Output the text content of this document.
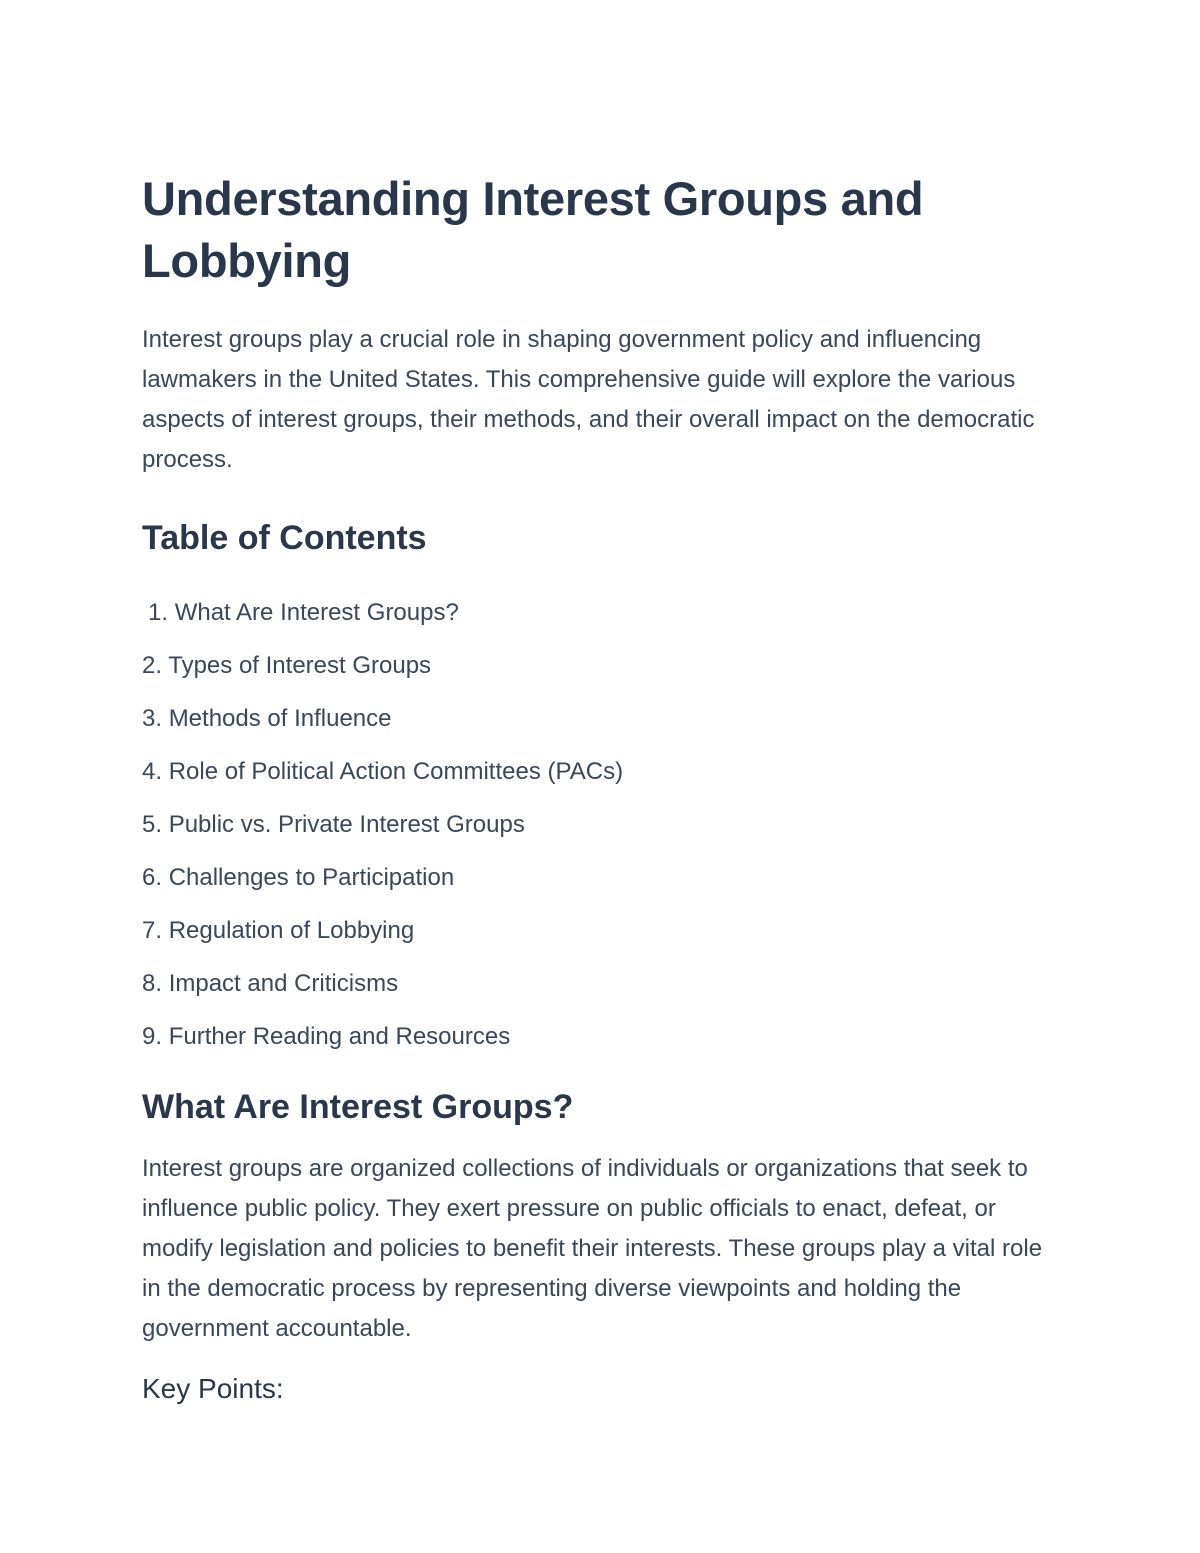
Understanding Interest Groups and Lobbying

Interest groups play a crucial role in shaping government policy and influencing lawmakers in the United States. This comprehensive guide will explore the various aspects of interest groups, their methods, and their overall impact on the democratic process.

Table of Contents
1. What Are Interest Groups?
2. Types of Interest Groups
3. Methods of Influence
4. Role of Political Action Committees (PACs)
5. Public vs. Private Interest Groups
6. Challenges to Participation
7. Regulation of Lobbying
8. Impact and Criticisms
9. Further Reading and Resources
What Are Interest Groups?

Interest groups are organized collections of individuals or organizations that seek to influence public policy. They exert pressure on public officials to enact, defeat, or modify legislation and policies to benefit their interests. These groups play a vital role in the democratic process by representing diverse viewpoints and holding the government accountable.

Key Points:
